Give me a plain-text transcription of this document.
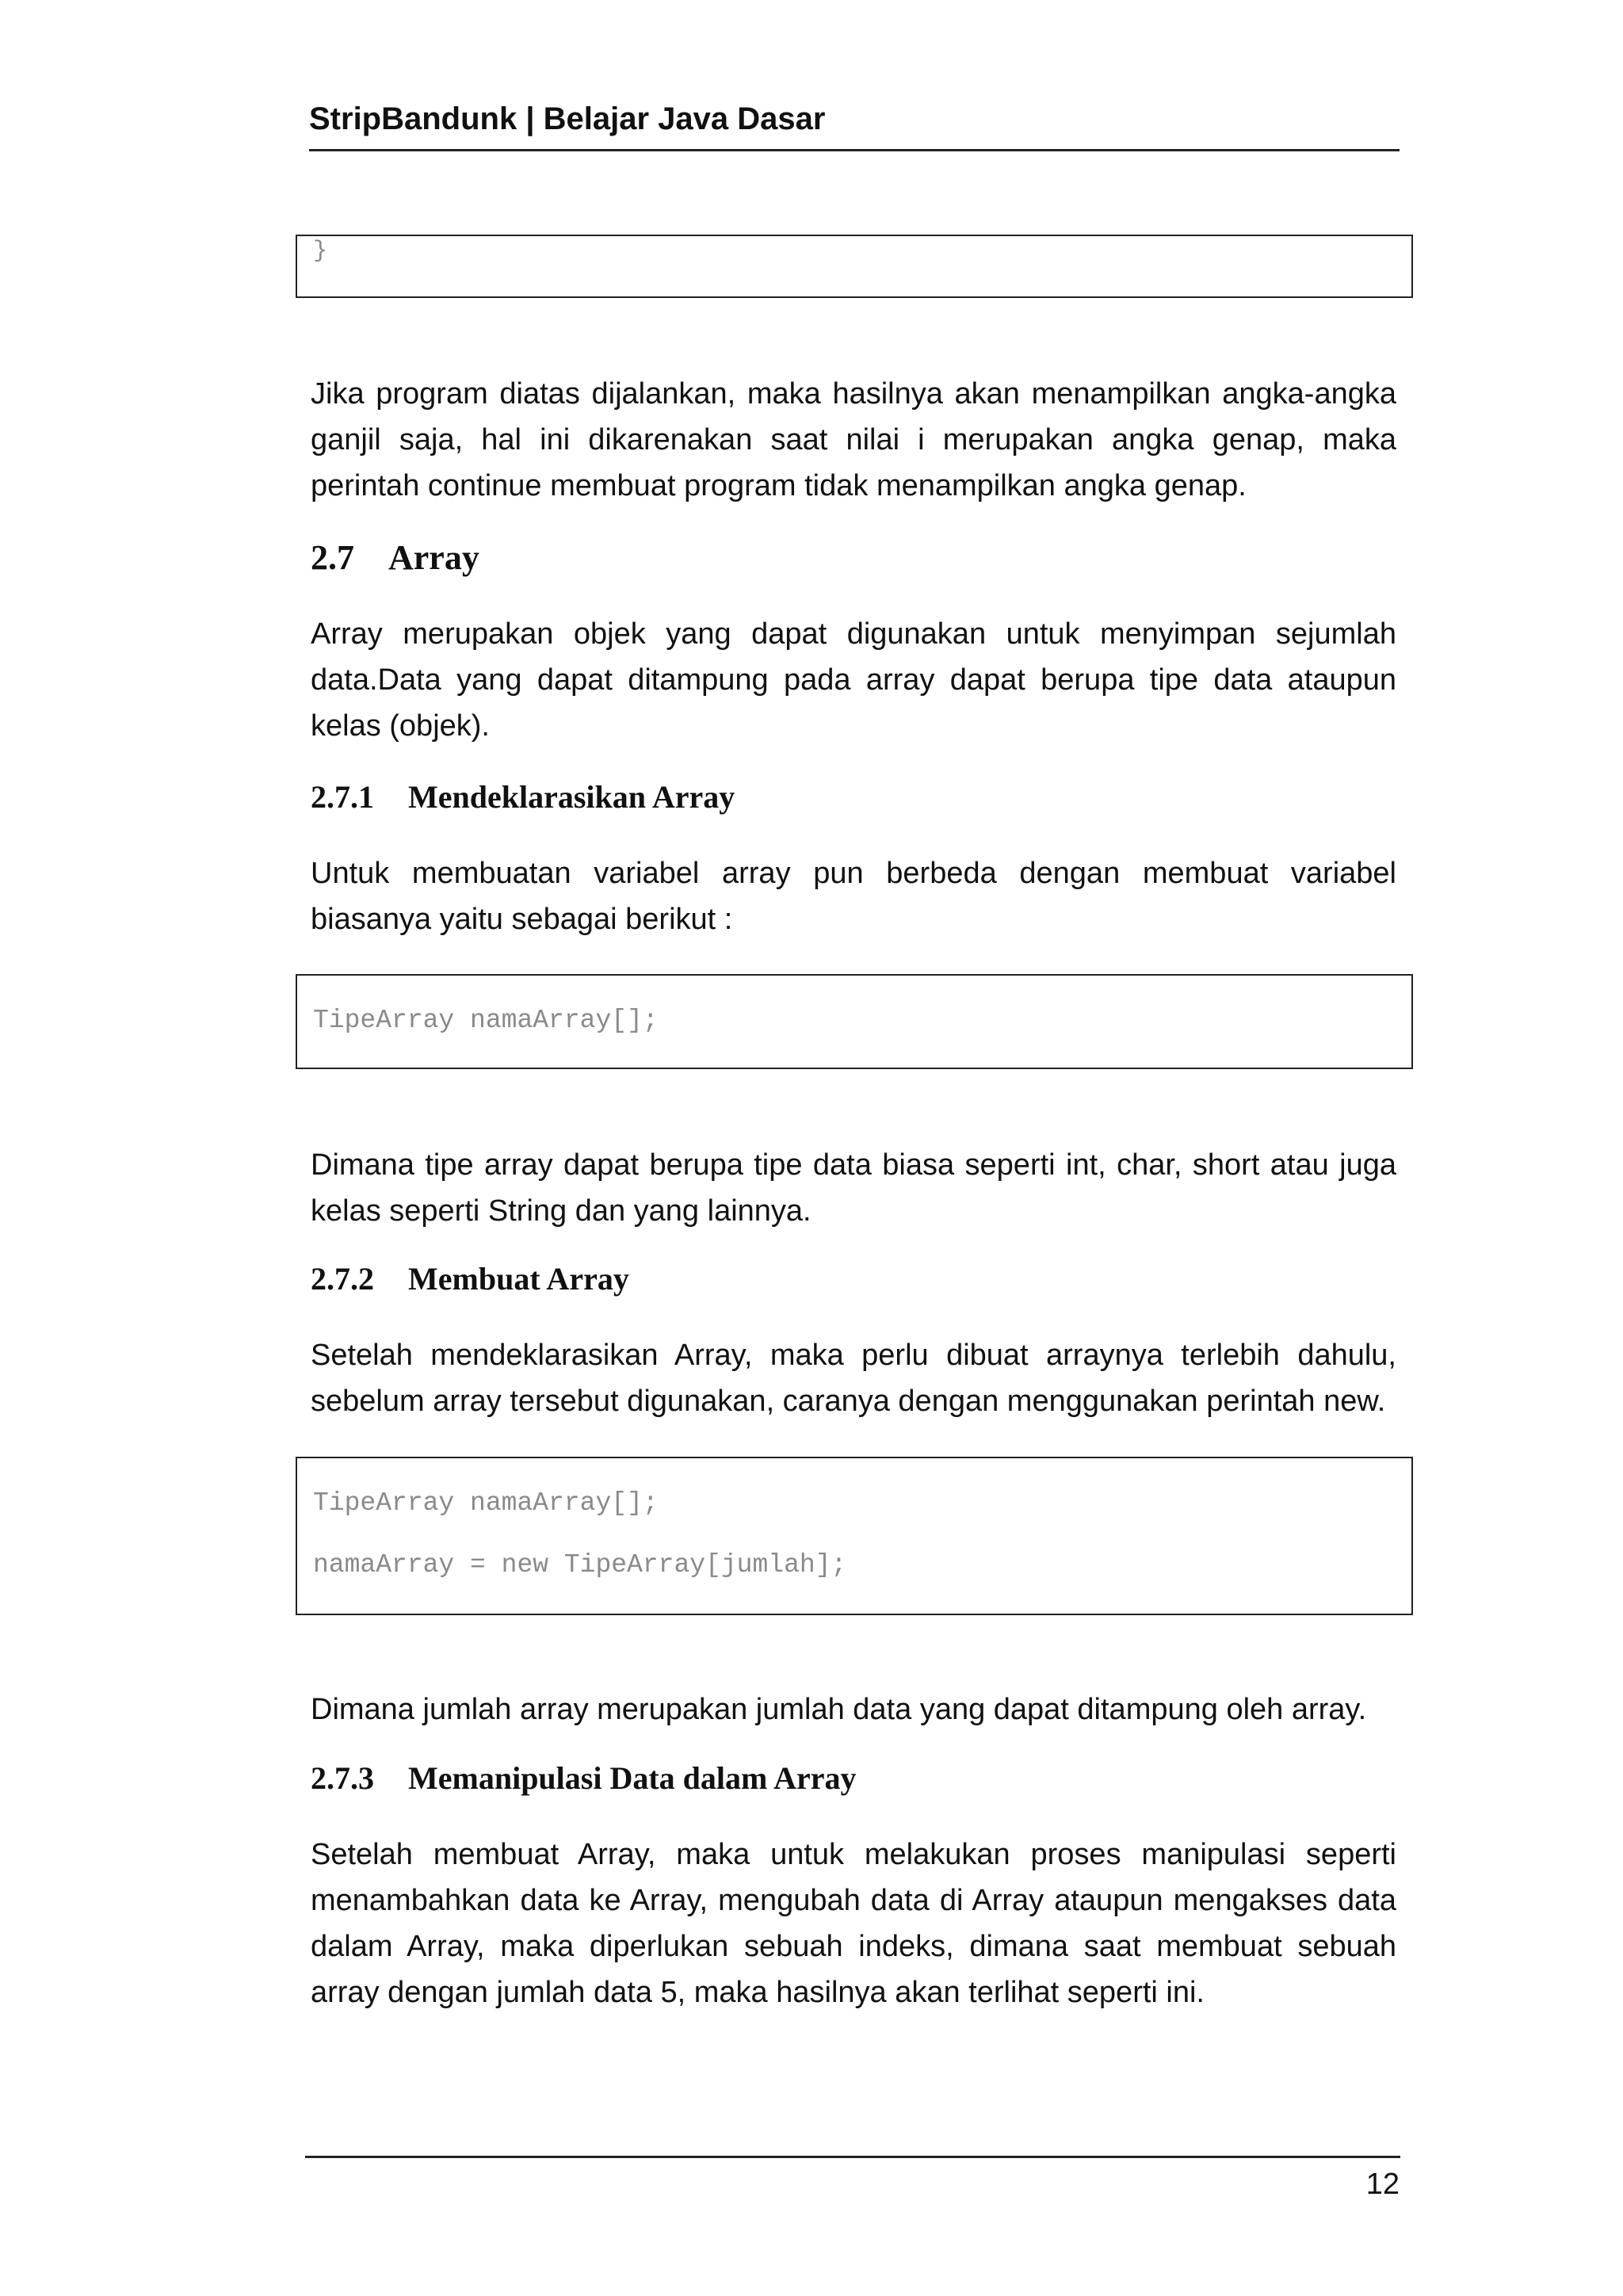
StripBandunk | Belajar Java Dasar
}

Jika program diatas dijalankan, maka hasilnya akan menampilkan angka-angka ganjil saja, hal ini dikarenakan saat nilai i merupakan angka genap, maka perintah continue membuat program tidak menampilkan angka genap.

2.7 Array

Array merupakan objek yang dapat digunakan untuk menyimpan sejumlah data.Data yang dapat ditampung pada array dapat berupa tipe data ataupun kelas (objek).

2.7.1 Mendeklarasikan Array

Untuk membuatan variabel array pun berbeda dengan membuat variabel biasanya yaitu sebagai berikut :

TipeArray namaArray[];

Dimana tipe array dapat berupa tipe data biasa seperti int, char, short atau juga kelas seperti String dan yang lainnya.

2.7.2 Membuat Array

Setelah mendeklarasikan Array, maka perlu dibuat arraynya terlebih dahulu, sebelum array tersebut digunakan, caranya dengan menggunakan perintah new.

TipeArray namaArray[];
namaArray = new TipeArray[jumlah];

Dimana jumlah array merupakan jumlah data yang dapat ditampung oleh array.

2.7.3 Memanipulasi Data dalam Array

Setelah membuat Array, maka untuk melakukan proses manipulasi seperti menambahkan data ke Array, mengubah data di Array ataupun mengakses data dalam Array, maka diperlukan sebuah indeks, dimana saat membuat sebuah array dengan jumlah data 5, maka hasilnya akan terlihat seperti ini.

12
